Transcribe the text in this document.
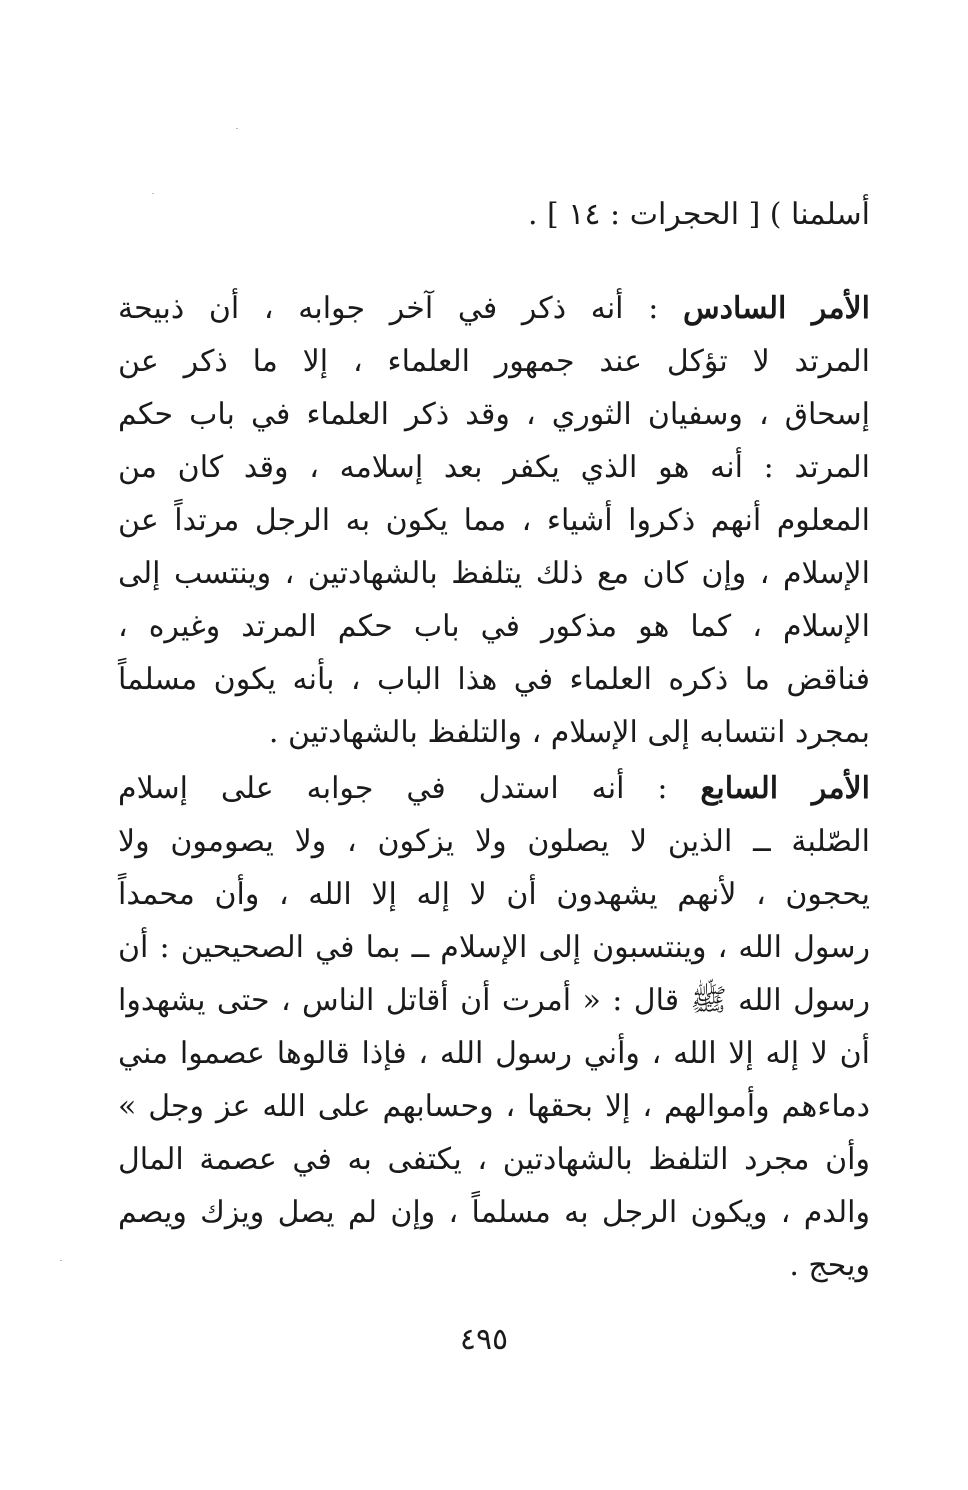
أسلمنا ) [ الحجرات : ١٤ ] .
الأمر السادس : أنه ذكر في آخر جوابه ، أن ذبيحة
المرتد لا تؤكل عند جمهور العلماء ، إلا ما ذكر عن
إسحاق ، وسفيان الثوري ، وقد ذكر العلماء في باب حكم
المرتد : أنه هو الذي يكفر بعد إسلامه ، وقد كان من
المعلوم أنهم ذكروا أشياء ، مما يكون به الرجل مرتداً عن
الإسلام ، وإن كان مع ذلك يتلفظ بالشهادتين ، وينتسب إلى
الإسلام ، كما هو مذكور في باب حكم المرتد وغيره ،
فناقض ما ذكره العلماء في هذا الباب ، بأنه يكون مسلماً
بمجرد انتسابه إلى الإسلام ، والتلفظ بالشهادتين .
الأمر السابع : أنه استدل في جوابه على إسلام
الصّلبة ــ الذين لا يصلون ولا يزكون ، ولا يصومون ولا
يحجون ، لأنهم يشهدون أن لا إله إلا الله ، وأن محمداً
رسول الله ، وينتسبون إلى الإسلام ــ بما في الصحيحين : أن
رسول الله ﷺ قال : « أمرت أن أقاتل الناس ، حتى يشهدوا
أن لا إله إلا الله ، وأني رسول الله ، فإذا قالوها عصموا مني
دماءهم وأموالهم ، إلا بحقها ، وحسابهم على الله عز وجل »
وأن مجرد التلفظ بالشهادتين ، يكتفى به في عصمة المال
والدم ، ويكون الرجل به مسلماً ، وإن لم يصل ويزك ويصم
ويحج .
٤٩٥
